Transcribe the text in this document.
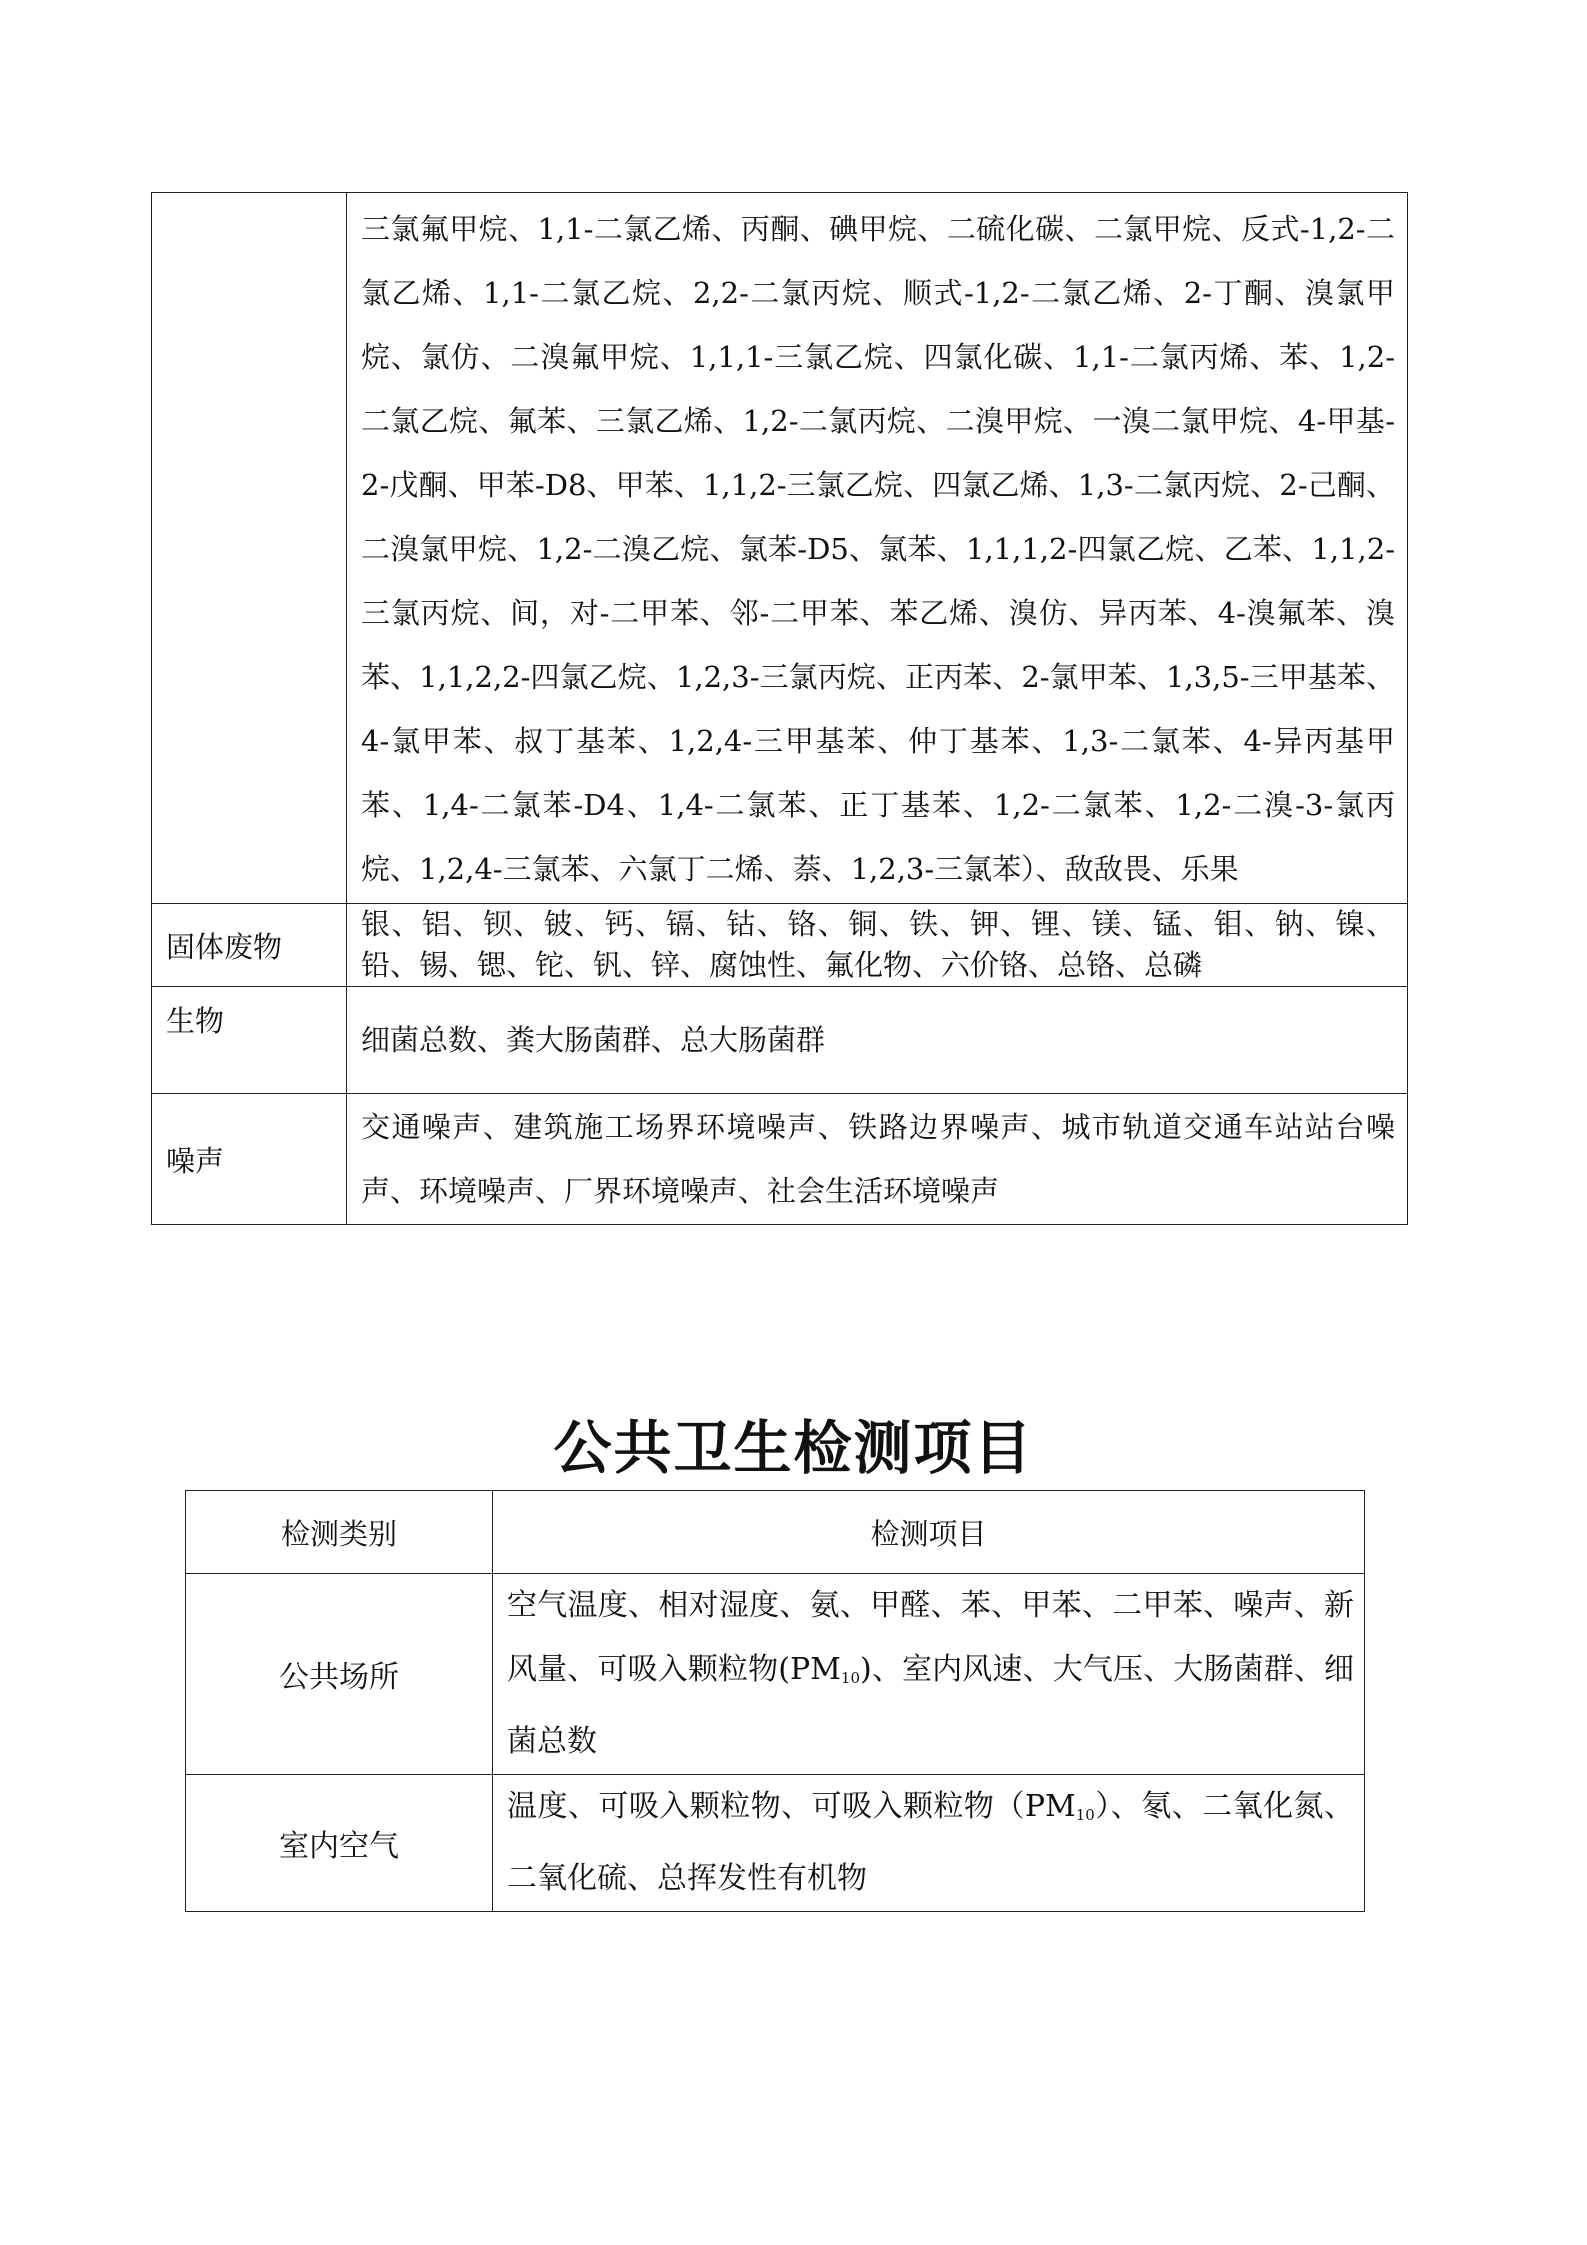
	三氯氟甲烷、1,1-二氯乙烯、丙酮、碘甲烷、二硫化碳、二氯甲烷、反式-1,2-二氯乙烯、1,1-二氯乙烷、2,2-二氯丙烷、顺式-1,2-二氯乙烯、2-丁酮、溴氯甲烷、氯仿、二溴氟甲烷、1,1,1-三氯乙烷、四氯化碳、1,1-二氯丙烯、苯、1,2-二氯乙烷、氟苯、三氯乙烯、1,2-二氯丙烷、二溴甲烷、一溴二氯甲烷、4-甲基-2-戊酮、甲苯-D8、甲苯、1,1,2-三氯乙烷、四氯乙烯、1,3-二氯丙烷、2-己酮、二溴氯甲烷、1,2-二溴乙烷、氯苯-D5、氯苯、1,1,1,2-四氯乙烷、乙苯、1,1,2-三氯丙烷、间，对-二甲苯、邻-二甲苯、苯乙烯、溴仿、异丙苯、4-溴氟苯、溴苯、1,1,2,2-四氯乙烷、1,2,3-三氯丙烷、正丙苯、2-氯甲苯、1,3,5-三甲基苯、4-氯甲苯、叔丁基苯、1,2,4-三甲基苯、仲丁基苯、1,3-二氯苯、4-异丙基甲苯、1,4-二氯苯-D4、1,4-二氯苯、正丁基苯、1,2-二氯苯、1,2-二溴-3-氯丙烷、1,2,4-三氯苯、六氯丁二烯、萘、1,2,3-三氯苯）、敌敌畏、乐果
固体废物	银、铝、钡、铍、钙、镉、钴、铬、铜、铁、钾、锂、镁、锰、钼、钠、镍、铅、锡、锶、铊、钒、锌、腐蚀性、氟化物、六价铬、总铬、总磷
生物	细菌总数、粪大肠菌群、总大肠菌群
噪声	交通噪声、建筑施工场界环境噪声、铁路边界噪声、城市轨道交通车站站台噪声、环境噪声、厂界环境噪声、社会生活环境噪声
公共卫生检测项目
检测类别	检测项目
公共场所	空气温度、相对湿度、氨、甲醛、苯、甲苯、二甲苯、噪声、新风量、可吸入颗粒物$(PM_{10})$、室内风速、大气压、大肠菌群、细菌总数
室内空气	温度、可吸入颗粒物、可吸入颗粒物$(PM_{10})$、氡、二氧化氮、二氧化硫、总挥发性有机物
